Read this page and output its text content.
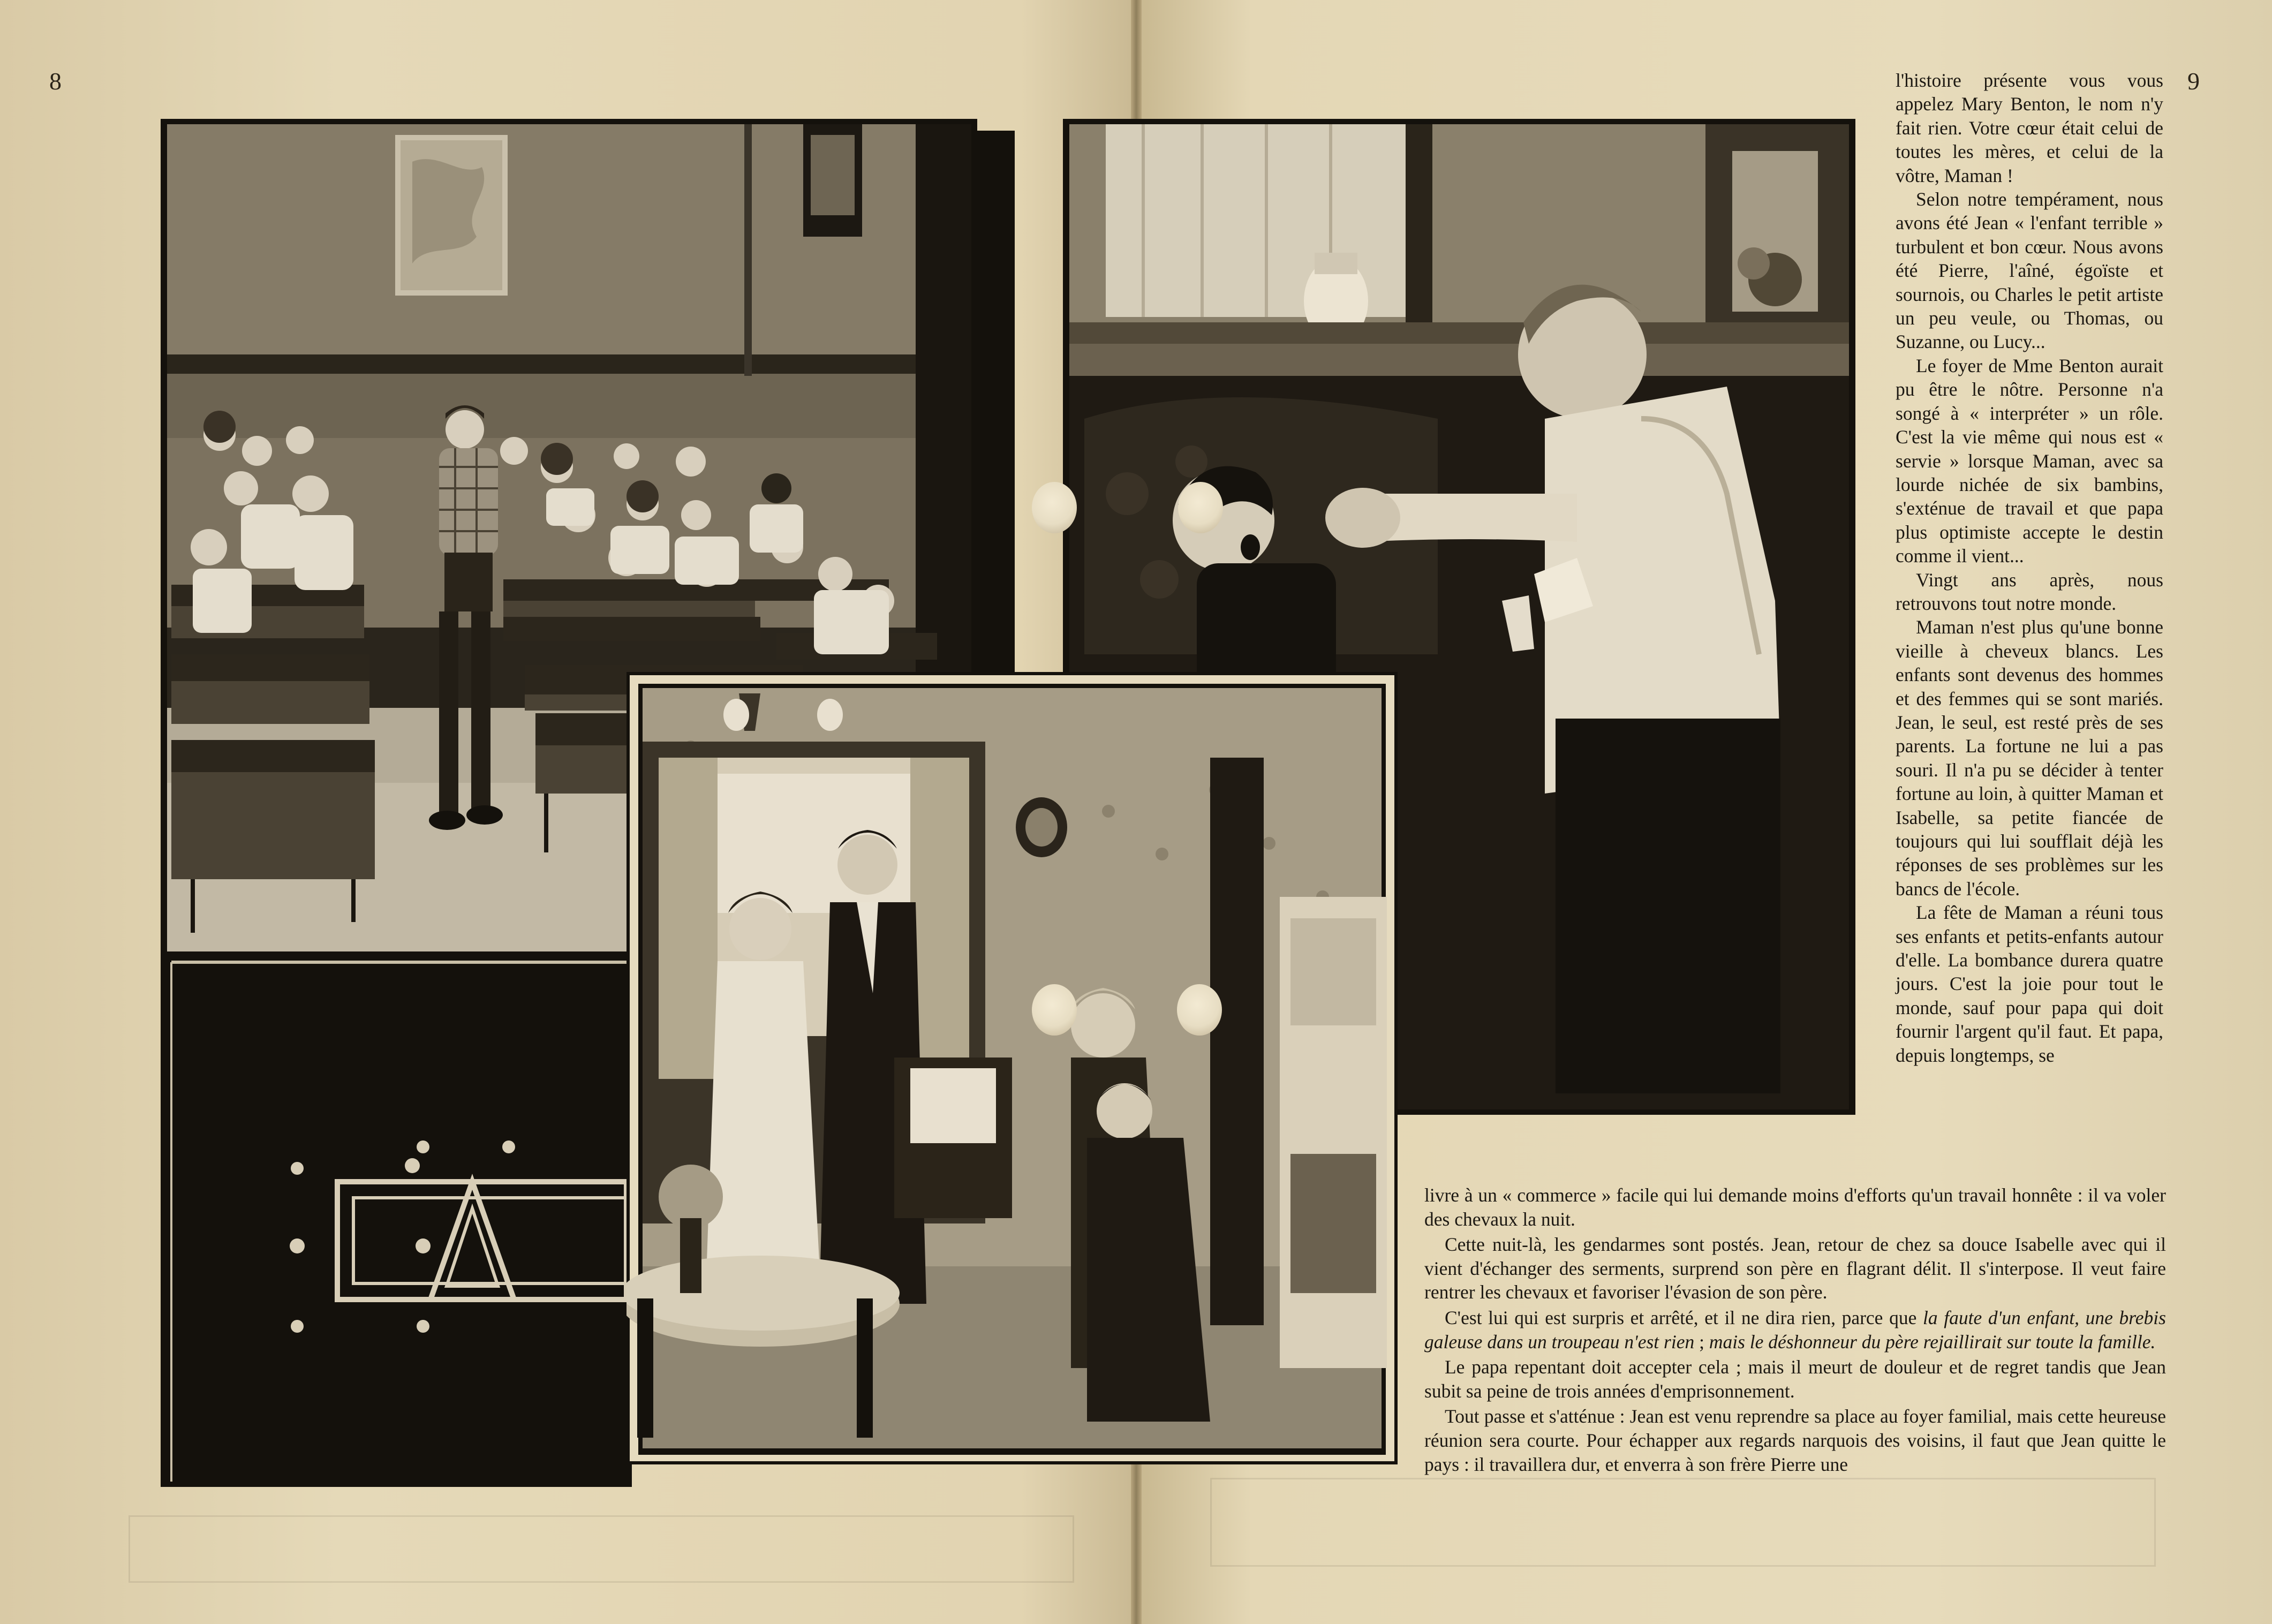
8	9

l'histoire présente vous vous appelez Mary Benton, le nom n'y fait rien. Votre cœur était celui de toutes les mères, et celui de la vôtre, Maman !

Selon notre tempérament, nous avons été Jean « l'enfant terrible » turbulent et bon cœur. Nous avons été Pierre, l'aîné, égoïste et sournois, ou Charles le petit artiste un peu veule, ou Thomas, ou Suzanne, ou Lucy...

Le foyer de Mme Benton aurait pu être le nôtre. Personne n'a songé à « interpréter » un rôle. C'est la vie même qui nous est « servie » lorsque Maman, avec sa lourde nichée de six bambins, s'exténue de travail et que papa plus optimiste accepte le destin comme il vient...

Vingt ans après, nous retrouvons tout notre monde.

Maman n'est plus qu'une bonne vieille à cheveux blancs. Les enfants sont devenus des hommes et des femmes qui se sont mariés. Jean, le seul, est resté près de ses parents. La fortune ne lui a pas souri. Il n'a pu se décider à tenter fortune au loin, à quitter Maman et Isabelle, sa petite fiancée de toujours qui lui soufflait déjà les réponses de ses problèmes sur les bancs de l'école.

La fête de Maman a réuni tous ses enfants et petits-enfants autour d'elle. La bombance durera quatre jours. C'est la joie pour tout le monde, sauf pour papa qui doit fournir l'argent qu'il faut. Et papa, depuis longtemps, se

livre à un « commerce » facile qui lui demande moins d'efforts qu'un travail honnête : il va voler des chevaux la nuit.

Cette nuit-là, les gendarmes sont postés. Jean, retour de chez sa douce Isabelle avec qui il vient d'échanger des serments, surprend son père en flagrant délit. Il s'interpose. Il veut faire rentrer les chevaux et favoriser l'évasion de son père.

C'est lui qui est surpris et arrêté, et il ne dira rien, parce que la faute d'un enfant, une brebis galeuse dans un troupeau n'est rien ; mais le déshonneur du père rejaillirait sur toute la famille.

Le papa repentant doit accepter cela ; mais il meurt de douleur et de regret tandis que Jean subit sa peine de trois années d'emprisonnement.

Tout passe et s'atténue : Jean est venu reprendre sa place au foyer familial, mais cette heureuse réunion sera courte. Pour échapper aux regards narquois des voisins, il faut que Jean quitte le pays : il travaillera dur, et enverra à son frère Pierre une
